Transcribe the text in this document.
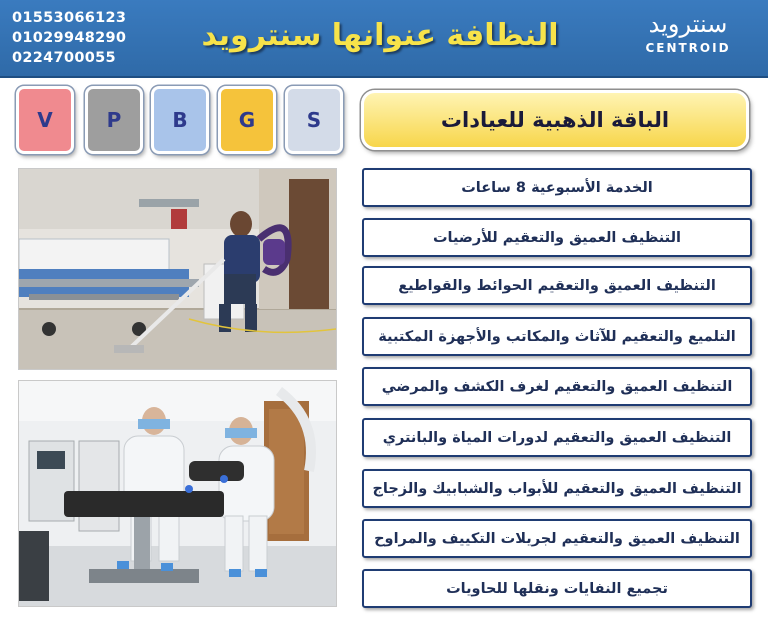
01553066123
01029948290
0224700055
النظافة عنوانها سنترويد	سنترويد
CENTROID
V	P	B	G	S	الباقة الذهبية للعيادات
الخدمة الأسبوعية 8 ساعات
التنظيف العميق والتعقيم للأرضيات
التنظيف العميق والتعقيم الحوائط والقواطيع
التلميع والتعقيم للآثاث والمكاتب والأجهزة المكتبية
التنظيف العميق والتعقيم لغرف الكشف والمرضي
التنظيف العميق والتعقيم لدورات المياة والبانتري
التنظيف العميق والتعقيم للأبواب والشبابيك والزجاج
التنظيف العميق والتعقيم لجريلات التكييف والمراوح
تجميع النفايات ونقلها للحاويات
